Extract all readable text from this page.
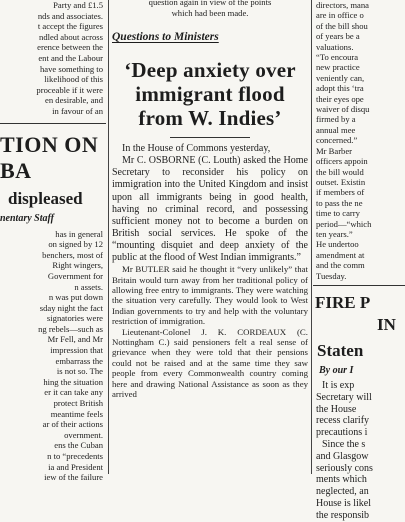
Party and £1.5
nds and associates.
t accept the figures
ndled about across
erence between the
ent and the Labour
have something to
likelihood of this
proceable if it were
en desirable, and
in favour of an
TION ON
BA
displeased
nentary Staff
has in general
on signed by 12
benchers, most of
Right wingers,
Government for
n assets.
n was put down
sday night the fact
signatories were
ng rebels—such as
Mr Fell, and Mr
impression that
embarrass the
is not so. The
hing the situation
er it can take any
protect British
meantime feels
ar of their actions
overnment.
ens the Cuban
n to “precedents
ia and President
iew of the failure
question again in view of the points
which had been made.
Questions to Ministers
‘Deep anxiety over
immigrant flood
from W. Indies’
In the House of Commons yesterday,
Mr C. OSBORNE (C. Louth) asked the Home Secretary to reconsider his policy on immigration into the United Kingdom and insist upon all immigrants being in good health, having no criminal record, and possessing sufficient money not to become a burden on British social services. He spoke of the “mounting disquiet and deep anxiety of the public at the flood of West Indian immigrants.”
Mr BUTLER said he thought it “very unlikely” that Britain would turn away from her traditional policy of allowing free entry to immigrants. They were watching the situation very carefully. They would look to West Indian governments to try and help with the voluntary restriction of immigration.
Lieutenant-Colonel J. K. CORDEAUX (C. Nottingham C.) said pensioners felt a real sense of grievance when they were told that their pensions could not be raised and at the same time they saw people from every Commonwealth country coming here and drawing National Assistance as soon as they arrived
directors, mana
are in office o
of the bill shou
of years be a
valuations.
“To encoura
new practice
veniently can,
adopt this ‘tra
their eyes ope
waiver of disqu
firmed by a
annual mee
concerned.”
Mr Barber
officers appoin
the bill would
outset. Existin
if members of
to pass the ne
time to carry
period—“which
ten years.”
He undertoo
amendment at
and the comm
Tuesday.
FIRE P
IN
Staten
By our I
It is exp
Secretary will
the House
recess clarify
precautions i
Since the s
and Glasgow
seriously cons
ments which
neglected, an
House is likel
the responsib
